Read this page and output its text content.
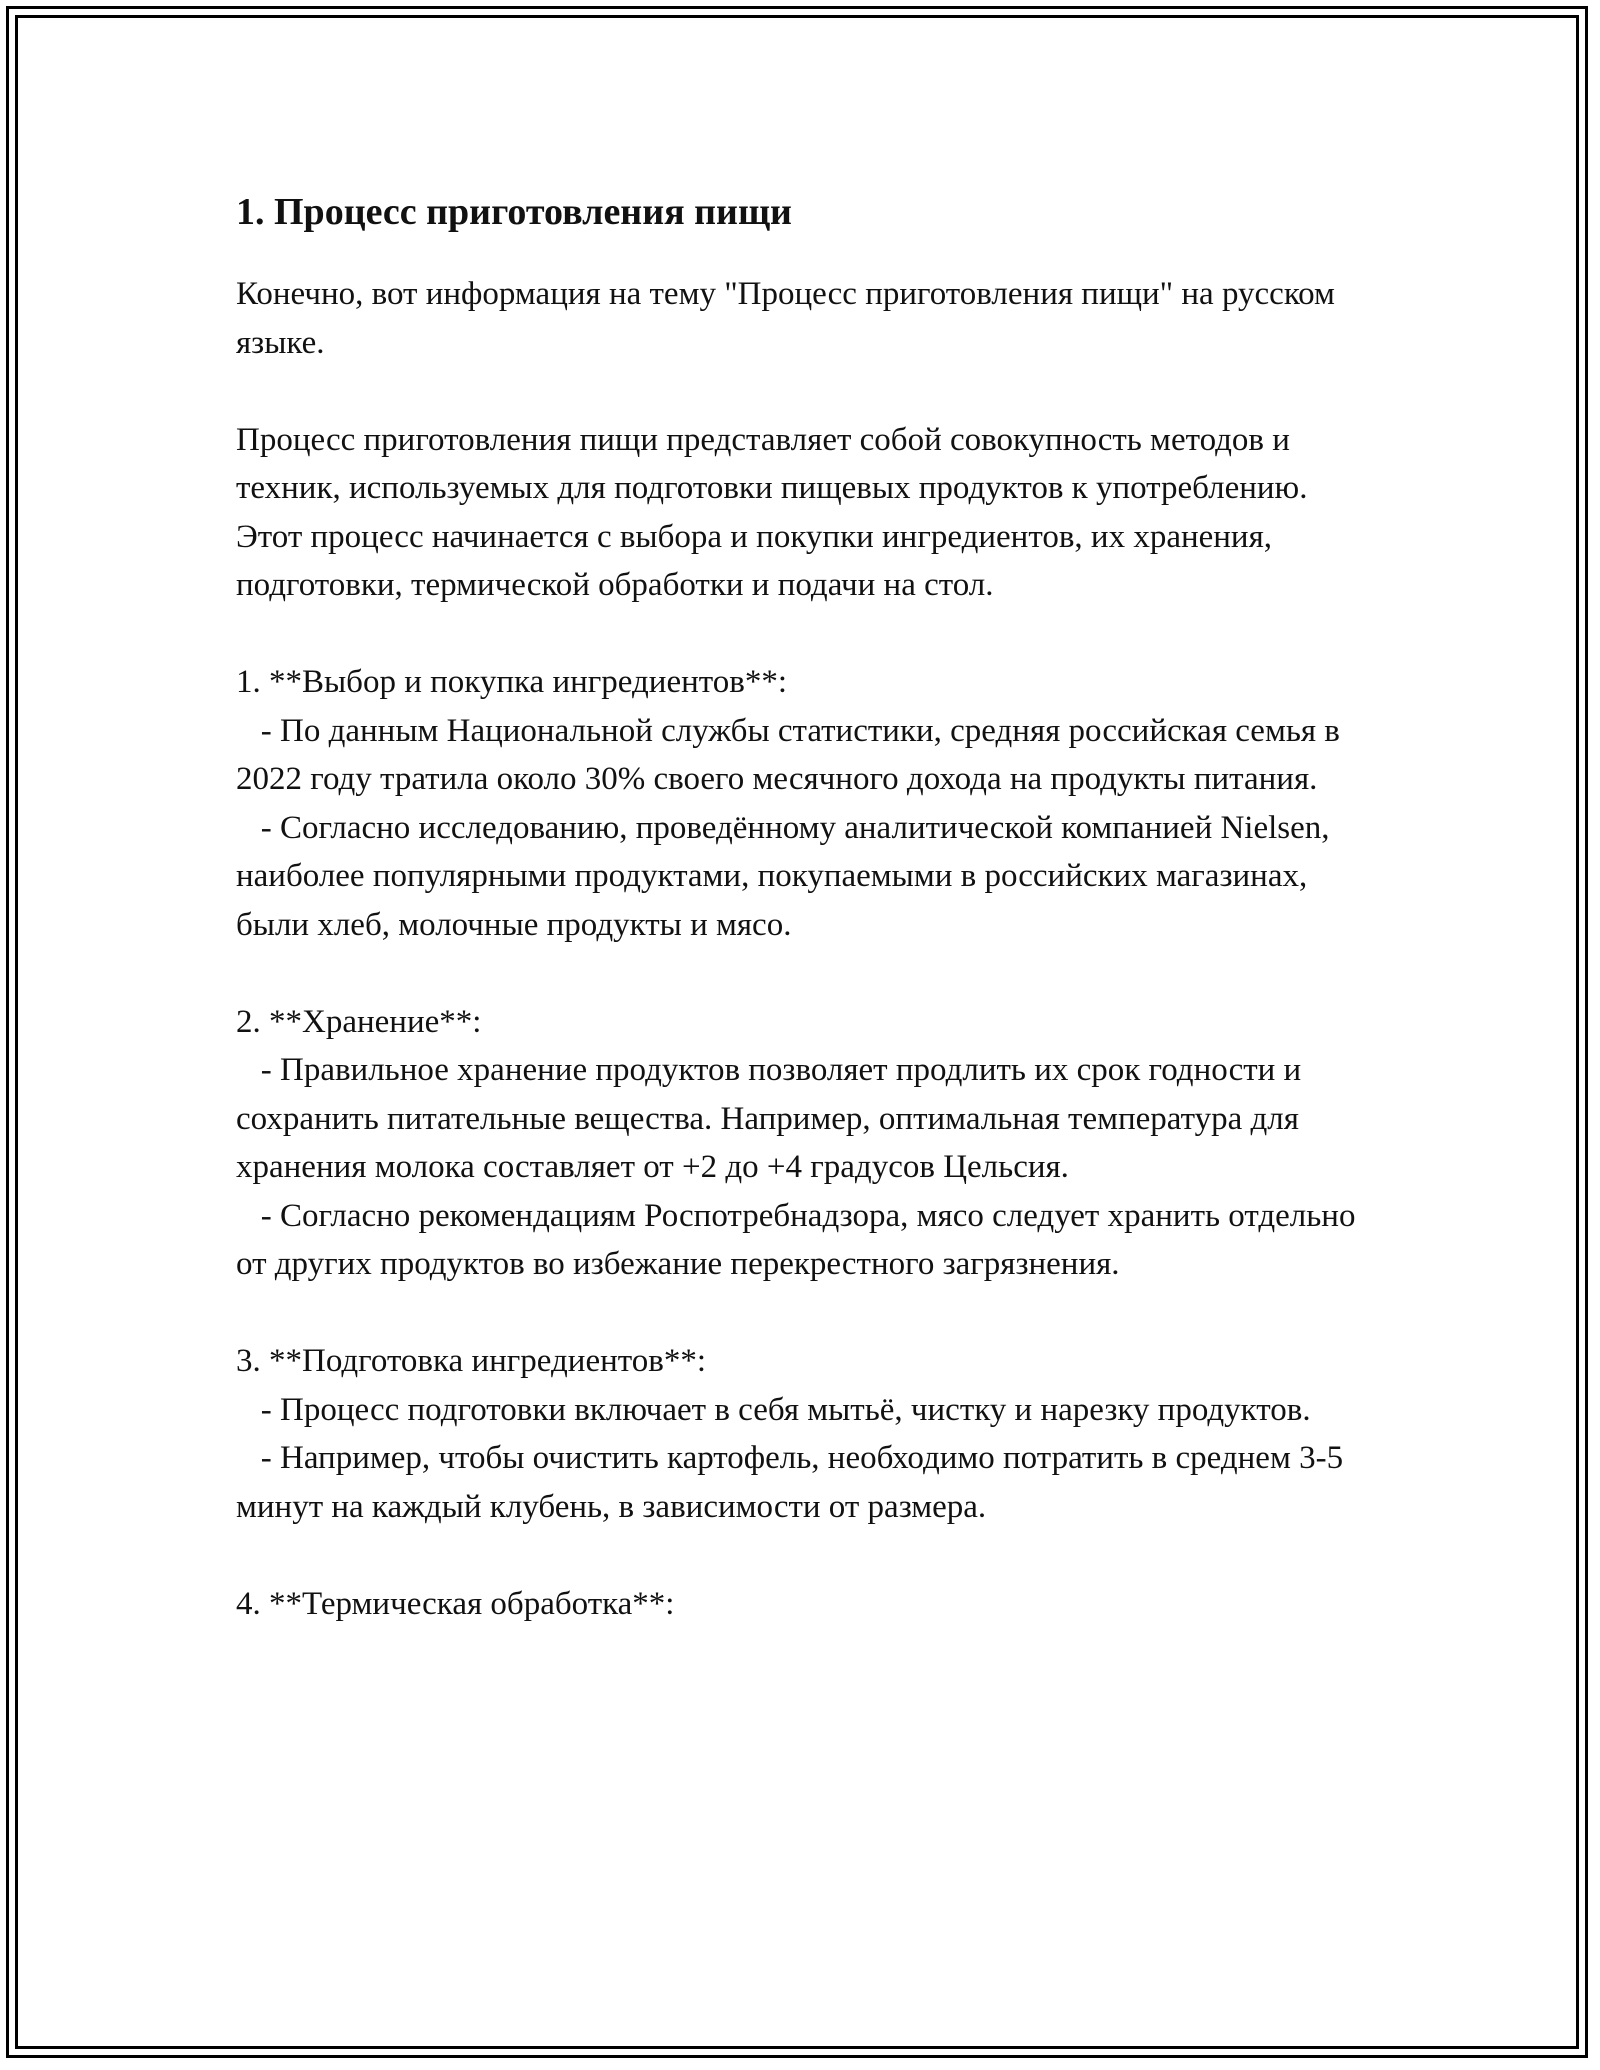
1. Процесс приготовления пищи

Конечно, вот информация на тему "Процесс приготовления пищи" на русском языке.

Процесс приготовления пищи представляет собой совокупность методов и техник, используемых для подготовки пищевых продуктов к употреблению. Этот процесс начинается с выбора и покупки ингредиентов, их хранения, подготовки, термической обработки и подачи на стол.

1. **Выбор и покупка ингредиентов**:

- По данным Национальной службы статистики, средняя российская семья в 2022 году тратила около 30% своего месячного дохода на продукты питания.

- Согласно исследованию, проведённому аналитической компанией Nielsen, наиболее популярными продуктами, покупаемыми в российских магазинах, были хлеб, молочные продукты и мясо.

2. **Хранение**:

- Правильное хранение продуктов позволяет продлить их срок годности и сохранить питательные вещества. Например, оптимальная температура для хранения молока составляет от +2 до +4 градусов Цельсия.

- Согласно рекомендациям Роспотребнадзора, мясо следует хранить отдельно от других продуктов во избежание перекрестного загрязнения.

3. **Подготовка ингредиентов**:

- Процесс подготовки включает в себя мытьё, чистку и нарезку продуктов.

- Например, чтобы очистить картофель, необходимо потратить в среднем 3-5 минут на каждый клубень, в зависимости от размера.

4. **Термическая обработка**:
